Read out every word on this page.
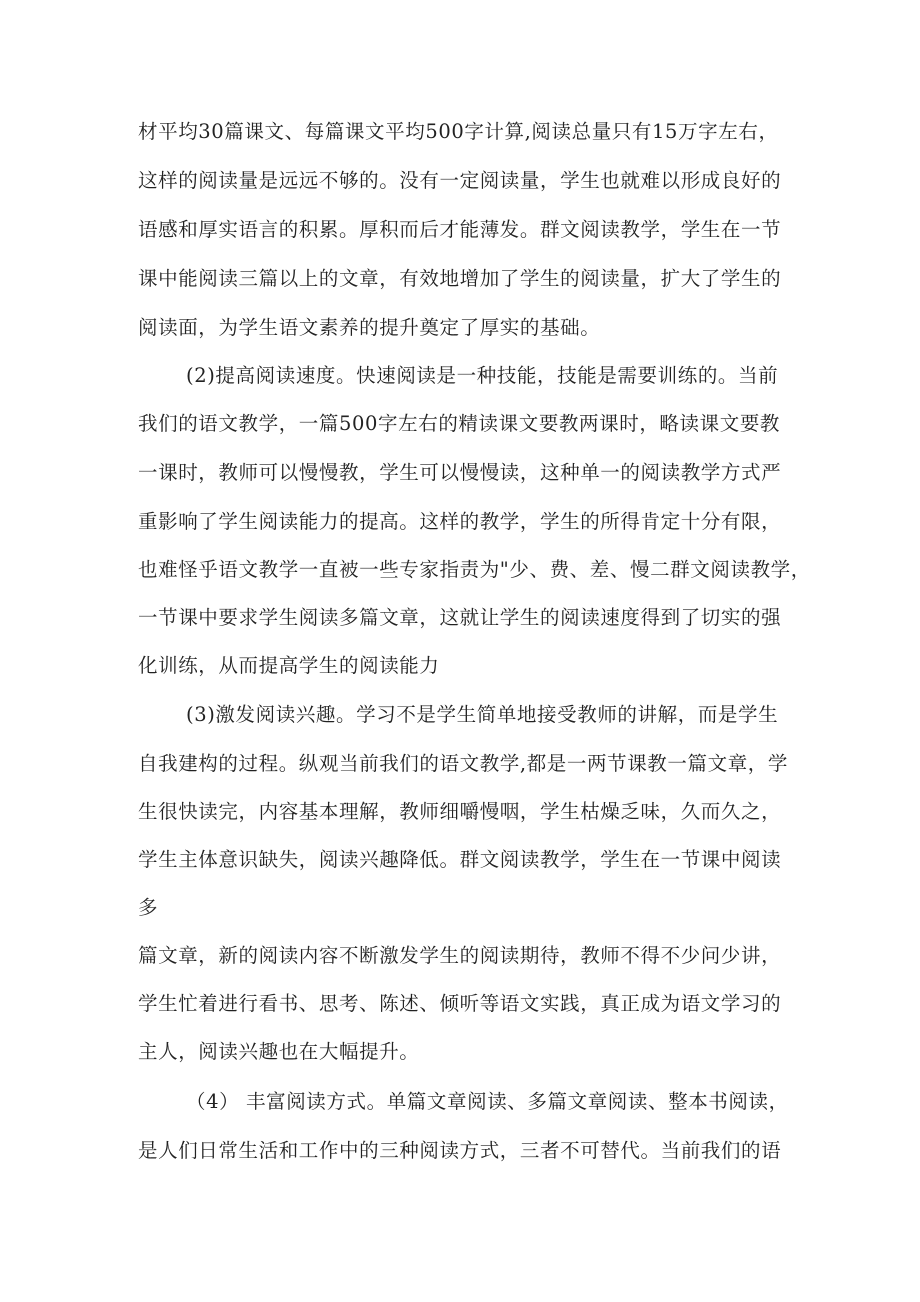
材平均30篇课文、每篇课文平均500字计算,阅读总量只有15万字左右，
这样的阅读量是远远不够的。没有一定阅读量，学生也就难以形成良好的
语感和厚实语言的积累。厚积而后才能薄发。群文阅读教学，学生在一节
课中能阅读三篇以上的文章，有效地增加了学生的阅读量，扩大了学生的
阅读面，为学生语文素养的提升奠定了厚实的基础。
(2)提高阅读速度。快速阅读是一种技能，技能是需要训练的。当前
我们的语文教学，一篇500字左右的精读课文要教两课时，略读课文要教
一课时，教师可以慢慢教，学生可以慢慢读，这种单一的阅读教学方式严
重影响了学生阅读能力的提高。这样的教学，学生的所得肯定十分有限，
也难怪乎语文教学一直被一些专家指责为"少、费、差、慢二群文阅读教学，
一节课中要求学生阅读多篇文章，这就让学生的阅读速度得到了切实的强
化训练，从而提高学生的阅读能力
(3)激发阅读兴趣。学习不是学生简单地接受教师的讲解，而是学生
自我建构的过程。纵观当前我们的语文教学,都是一两节课教一篇文章，学
生很快读完，内容基本理解，教师细嚼慢咽，学生枯燥乏味，久而久之，
学生主体意识缺失，阅读兴趣降低。群文阅读教学，学生在一节课中阅读
多
篇文章，新的阅读内容不断激发学生的阅读期待，教师不得不少问少讲，
学生忙着进行看书、思考、陈述、倾听等语文实践，真正成为语文学习的
主人，阅读兴趣也在大幅提升。
（4） 丰富阅读方式。单篇文章阅读、多篇文章阅读、整本书阅读，
是人们日常生活和工作中的三种阅读方式，三者不可替代。当前我们的语
